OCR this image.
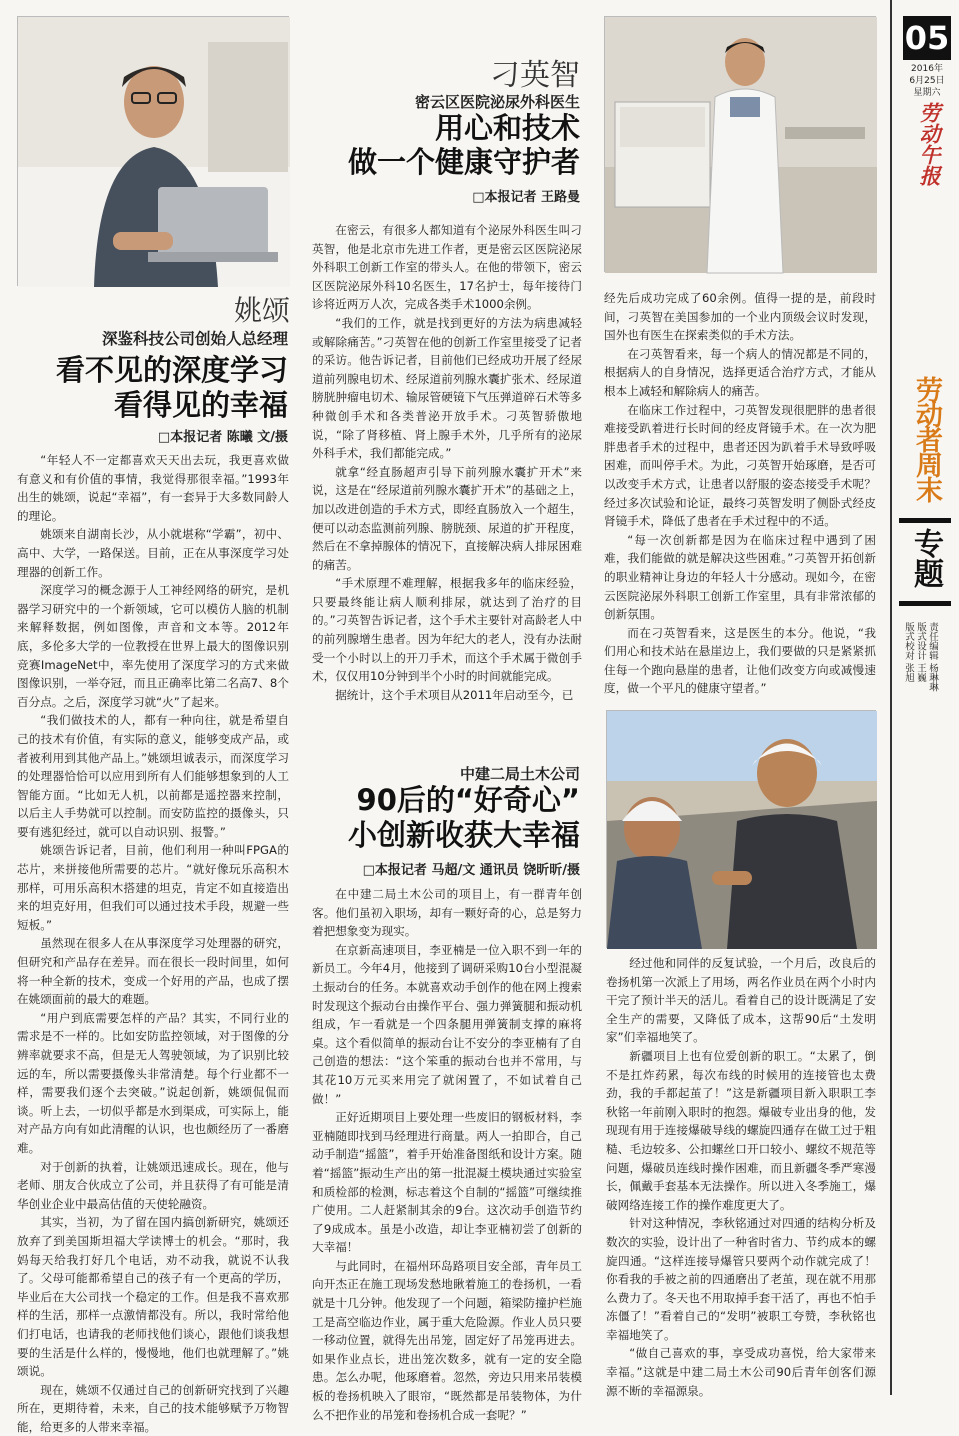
05
2016年
6月25日
星期六
劳动午报
劳动者周末
专题
责任编辑 杨琳琳
版式设计 王巍
版式校对 张旭
姚颂
深鉴科技公司创始人总经理
看不见的深度学习
看得见的幸福
□本报记者 陈曦 文/摄

“年轻人不一定都喜欢天天出去玩，我更喜欢做有意义和有价值的事情，我觉得那很幸福。”1993年出生的姚颂，说起“幸福”，有一套异于大多数同龄人的理论。

姚颂来自湖南长沙，从小就堪称“学霸”，初中、高中、大学，一路保送。目前，正在从事深度学习处理器的创新工作。

深度学习的概念源于人工神经网络的研究，是机器学习研究中的一个新领域，它可以模仿人脑的机制来解释数据，例如图像，声音和文本等。2012年底，多伦多大学的一位教授在世界上最大的图像识别竞赛ImageNet中，率先使用了深度学习的方式来做图像识别，一举夺冠，而且正确率比第二名高7、8个百分点。之后，深度学习就“火”了起来。

“我们做技术的人，都有一种向往，就是希望自己的技术有价值，有实际的意义，能够变成产品，或者被利用到其他产品上。”姚颂坦诚表示，而深度学习的处理器恰恰可以应用到所有人们能够想象到的人工智能方面。“比如无人机，以前都是遥控器来控制，以后主人手势就可以控制。而安防监控的摄像头，只要有逃犯经过，就可以自动识别、报警。”

姚颂告诉记者，目前，他们利用一种叫FPGA的芯片，来拼接他所需要的芯片。“就好像玩乐高积木那样，可用乐高积木搭建的坦克，肯定不如直接造出来的坦克好用，但我们可以通过技术手段，规避一些短板。”

虽然现在很多人在从事深度学习处理器的研究，但研究和产品存在差异。而在很长一段时间里，如何将一种全新的技术，变成一个好用的产品，也成了摆在姚颂面前的最大的难题。

“用户到底需要怎样的产品？其实，不同行业的需求是不一样的。比如安防监控领域，对于图像的分辨率就要求不高，但是无人驾驶领域，为了识别比较远的车，所以需要摄像头非常清楚。每个行业都不一样，需要我们逐个去突破。”说起创新，姚颂侃侃而谈。听上去，一切似乎都是水到渠成，可实际上，能对产品方向有如此清醒的认识，也也颇经历了一番磨难。

对于创新的执着，让姚颂迅速成长。现在，他与老师、朋友合伙成立了公司，并且获得了有可能是清华创业企业中最高估值的天使轮融资。

其实，当初，为了留在国内搞创新研究，姚颂还放弃了到美国斯坦福大学读博士的机会。“那时，我妈每天给我打好几个电话，劝不动我，就说不认我了。父母可能都希望自己的孩子有一个更高的学历，毕业后在大公司找一个稳定的工作。但是我不喜欢那样的生活，那样一点激情都没有。所以，我时常给他们打电话，也请我的老师找他们谈心，跟他们谈我想要的生活是什么样的，慢慢地，他们也就理解了。”姚颂说。

现在，姚颂不仅通过自己的创新研究找到了兴趣所在，更期待着，未来，自己的技术能够赋予万物智能，给更多的人带来幸福。

刁英智
密云区医院泌尿外科医生
用心和技术
做一个健康守护者
□本报记者 王路曼

在密云，有很多人都知道有个泌尿外科医生叫刁英智，他是北京市先进工作者，更是密云区医院泌尿外科职工创新工作室的带头人。在他的带领下，密云区医院泌尿外科10名医生，17名护士，每年接待门诊将近两万人次，完成各类手术1000余例。

“我们的工作，就是找到更好的方法为病患减轻或解除痛苦。”刁英智在他的创新工作室里接受了记者的采访。他告诉记者，目前他们已经成功开展了经尿道前列腺电切术、经尿道前列腺水囊扩张术、经尿道膀胱肿瘤电切术、输尿管硬镜下气压弹道碎石术等多种微创手术和各类普泌开放手术。刁英智骄傲地说，“除了肾移植、肾上腺手术外，几乎所有的泌尿外科手术，我们都能完成。”

就拿“经直肠超声引导下前列腺水囊扩开术”来说，这是在“经尿道前列腺水囊扩开术”的基础之上，加以改进创造的手术方式，即经直肠放入一个超生，便可以动态监测前列腺、膀胱颈、尿道的扩开程度，然后在不拿掉腺体的情况下，直接解决病人排尿困难的痛苦。

“手术原理不难理解，根据我多年的临床经验，只要最终能让病人顺利排尿，就达到了治疗的目的。”刁英智告诉记者，这个手术主要针对高龄老人中的前列腺增生患者。因为年纪大的老人，没有办法耐受一个小时以上的开刀手术，而这个手术属于微创手术，仅仅用10分钟到半个小时的时间就能完成。

据统计，这个手术项目从2011年启动至今，已

经先后成功完成了60余例。值得一提的是，前段时间，刁英智在美国参加的一个业内顶级会议时发现，国外也有医生在探索类似的手术方法。

在刁英智看来，每一个病人的情况都是不同的，根据病人的自身情况，选择更适合治疗方式，才能从根本上减轻和解除病人的痛苦。

在临床工作过程中，刁英智发现很肥胖的患者很难接受趴着进行长时间的经皮肾镜手术。在一次为肥胖患者手术的过程中，患者还因为趴着手术导致呼吸困难，而叫停手术。为此，刁英智开始琢磨，是否可以改变手术方式，让患者以舒服的姿态接受手术呢？经过多次试验和论证，最终刁英智发明了侧卧式经皮肾镜手术，降低了患者在手术过程中的不适。

“每一次创新都是因为在临床过程中遇到了困难，我们能做的就是解决这些困难。”刁英智开拓创新的职业精神让身边的年轻人十分感动。现如今，在密云医院泌尿外科职工创新工作室里，具有非常浓郁的创新氛围。

而在刁英智看来，这是医生的本分。他说，“我们用心和技术站在悬崖边上，我们要做的只是紧紧抓住每一个跑向悬崖的患者，让他们改变方向或减慢速度，做一个平凡的健康守望者。”

中建二局土木公司
90后的“好奇心”
小创新收获大幸福
□本报记者 马超/文 通讯员 饶昕昕/摄

在中建二局土木公司的项目上，有一群青年创客。他们虽初入职场，却有一颗好奇的心，总是努力着把想象变为现实。

在京新高速项目，李亚楠是一位入职不到一年的新员工。今年4月，他接到了调研采购10台小型混凝土振动台的任务。本就喜欢动手创作的他在网上搜索时发现这个振动台由操作平台、强力弹簧腿和振动机组成，乍一看就是一个四条腿用弹簧制支撑的麻将桌。这个看似简单的振动台让不安分的李亚楠有了自己创造的想法：“这个笨重的振动台也并不常用，与其花10万元买来用完了就闲置了，不如试着自己做！”

正好近期项目上要处理一些废旧的钢板材料，李亚楠随即找到马经理进行商量。两人一拍即合，自己动手制造“摇篮”，着手开始准备图纸和设计方案。随着“摇篮”振动生产出的第一批混凝土模块通过实验室和质检部的检测，标志着这个自制的“摇篮”可继续推广使用。二人赶紧制其余的9台。这次动手创造节约了9成成本。虽是小改造，却让李亚楠初尝了创新的大幸福！

与此同时，在福州环岛路项目安全部，青年员工向开杰正在施工现场发愁地瞅着施工的卷扬机，一看就是十几分钟。他发现了一个问题，箱梁防撞护栏施工是高空临边作业，属于重大危险源。作业人员只要一移动位置，就得先出吊笼，固定好了吊笼再进去。如果作业点长，进出笼次数多，就有一定的安全隐患。怎么办呢，他琢磨着。忽然，旁边只用来吊装模板的卷扬机映入了眼帘，“既然都是吊装物体，为什么不把作业的吊笼和卷扬机合成一套呢？”

经过他和同伴的反复试验，一个月后，改良后的卷扬机第一次派上了用场，两名作业员在两个小时内干完了预计半天的活儿。看着自己的设计既满足了安全生产的需要，又降低了成本，这帮90后“土发明家”们幸福地笑了。

新疆项目上也有位爱创新的职工。“太累了，倒不是扛炸药累，每次布线的时候用的连接管也太费劲，我的手都起茧了！”这是新疆项目新入职职工李秋铭一年前刚入职时的抱怨。爆破专业出身的他，发现现有用于连接爆破导线的螺旋四通存在做工过于粗糙、毛边较多、公扣螺丝口开口较小、螺纹不规范等问题，爆破员连线时操作困难，而且新疆冬季严寒漫长，佩戴手套基本无法操作。所以进入冬季施工，爆破网络连接工作的操作难度更大了。

针对这种情况，李秋铭通过对四通的结构分析及数次的实验，设计出了一种省时省力、节约成本的螺旋四通。“这样连接导爆管只要两个动作就完成了！你看我的手被之前的四通磨出了老茧，现在就不用那么费力了。冬天也不用取掉手套干活了，再也不怕手冻僵了！”看着自己的“发明”被职工夸赞，李秋铭也幸福地笑了。

“做自己喜欢的事，享受成功喜悦，给大家带来幸福。”这就是中建二局土木公司90后青年创客们源源不断的幸福源泉。
